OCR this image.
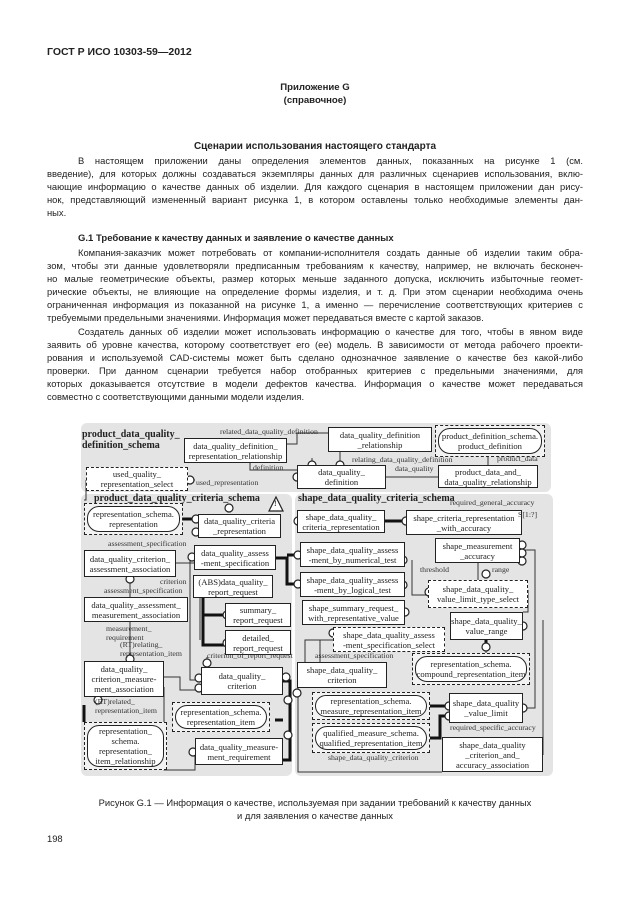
ГОСТ Р ИСО 10303-59—2012
Приложение G
(справочное)
Сценарии использования настоящего стандарта
В настоящем приложении даны определения элементов данных, показанных на рисунке 1 (см.
введение), для которых должны создаваться экземпляры данных для различных сценариев использования, вклю-
чающие информацию о качестве данных об изделии. Для каждого сценария в настоящем приложении дан рису-
нок, представляющий измененный вариант рисунка 1, в котором оставлены только необходимые элементы дан-
ных.
G.1 Требование к качеству данных и заявление о качестве данных
Компания-заказчик может потребовать от компании-исполнителя создать данные об изделии таким обра-
зом, чтобы эти данные удовлетворяли предписанным требованиям к качеству, например, не включать бесконеч-
но малые геометрические объекты, размер которых меньше заданного допуска, исключить избыточные геомет-
рические объекты, не влияющие на определение формы изделия, и т. д. При этом сценарии необходима очень
ограниченная информация из показанной на рисунке 1, а именно — перечисление соответствующих критериев с
требуемыми предельными значениями. Информация может передаваться вместе с картой заказов.
Создатель данных об изделии может использовать информацию о качестве для того, чтобы в явном виде
заявить об уровне качества, которому соответствует его (ее) модель. В зависимости от метода рабочего проекти-
рования и используемой CAD-системы может быть сделано однозначное заявление о качестве без какой-либо
проверки. При данном сценарии требуется набор отобранных критериев с предельными значениями, для
которых доказывается отсутствие в модели дефектов качества. Информация о качестве может передаваться
совместно с соответствующими данными модели изделия.
data_quality_definition_
representation_relationship
used_quality_
representation_select
data_quality_
definition
data_quality_definition
_relationship
product_definition_schema.
product_definition
product_data_and_
data_quality_relationship
representation_schema.
representation	data_quality_criteria
_representation
data_quality_criterion_
assessment_association
data_quality_assess
-ment_specification
(ABS)data_quality_
report_request
data_quality_assessment_
measurement_association	summary_
report_request
detailed_
report_request
data_quality_
criterion_measure-
ment_association
data_quality_
criterion
representation_
schema.
representation_
item_relationship
representation_schema.
representation_item
data_quality_measure-
ment_requirement
shape_data_quality_
criteria_representation
shape_criteria_representation
_with_accuracy
shape_measurement
_accuracy
shape_data_quality_assess
-ment_by_numerical_test
shape_data_quality_assess
-ment_by_logical_test	shape_data_quality_
value_limit_type_select
shape_summary_request_
with_representative_value	shape_data_quality_
value_range
shape_data_quality_assess
-ment_specification_select
shape_data_quality_
criterion
representation_schema.
compound_representation_item
representation_schema.
measure_representation_item
shape_data_quality
_value_limit
qualified_measure_schema.
qualified_representation_item	shape_data_quality
_criterion_and_
accuracy_association
related_data_quality_definition
definition
used_representation
relating_data_quality_definition
data_quality
product_data
assessment_specification
criterion
assessment_specification
measurement_
requirement
(RT)relating_
representation_item	criterion_of_report_request
(RT)related_
representation_item
required_general_accuracy
S[1:?]
threshold	range
assessment_specification
required_specific_accuracy
shape_data_quality_criterion
!
product_data_quality_
definition_schema
product_data_quality_criteria_schema	shape_data_quality_criteria_schema
Рисунок G.1 — Информация о качестве, используемая при задании требований к качеству данных
и для заявления о качестве данных
198
